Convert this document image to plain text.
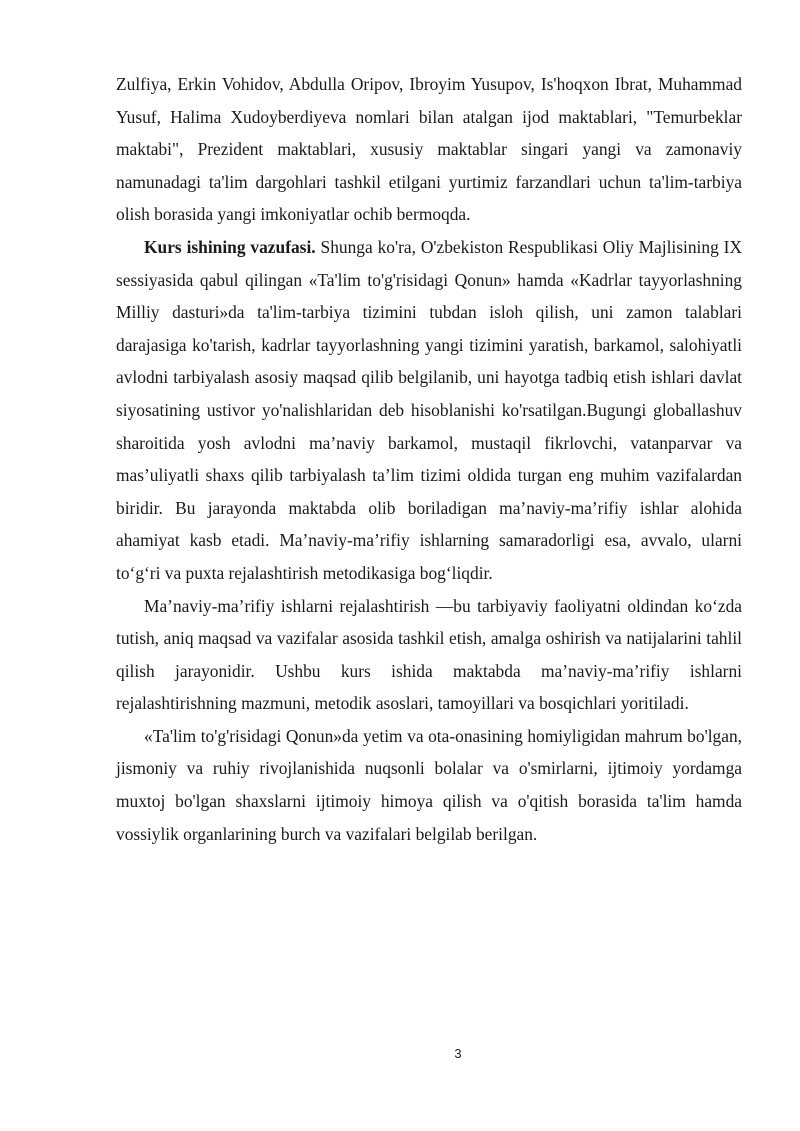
Zulfiya, Erkin Vohidov, Abdulla Oripov, Ibroyim Yusupov, Is'hoqxon Ibrat, Muhammad Yusuf, Halima Xudoyberdiyeva nomlari bilan atalgan ijod maktablari, "Temurbeklar maktabi", Prezident maktablari, xususiy maktablar singari yangi va zamonaviy namunadagi ta'lim dargohlari tashkil etilgani yurtimiz farzandlari uchun ta'lim-tarbiya olish borasida yangi imkoniyatlar ochib bermoqda.

Kurs ishining vazufasi. Shunga ko'ra, O'zbekiston Respublikasi Oliy Majlisining IX sessiyasida qabul qilingan «Ta'lim to'g'risidagi Qonun» hamda «Kadrlar tayyorlashning Milliy dasturi»da ta'lim-tarbiya tizimini tubdan isloh qilish, uni zamon talablari darajasiga ko'tarish, kadrlar tayyorlashning yangi tizimini yaratish, barkamol, salohiyatli avlodni tarbiyalash asosiy maqsad qilib belgilanib, uni hayotga tadbiq etish ishlari davlat siyosatining ustivor yo'nalishlaridan deb hisoblanishi ko'rsatilgan.Bugungi globallashuv sharoitida yosh avlodni ma’naviy barkamol, mustaqil fikrlovchi, vatanparvar va mas’uliyatli shaxs qilib tarbiyalash ta’lim tizimi oldida turgan eng muhim vazifalardan biridir. Bu jarayonda maktabda olib boriladigan ma’naviy-ma’rifiy ishlar alohida ahamiyat kasb etadi. Ma’naviy-ma’rifiy ishlarning samaradorligi esa, avvalo, ularni to‘g‘ri va puxta rejalashtirish metodikasiga bog‘liqdir.

Ma’naviy-ma’rifiy ishlarni rejalashtirish —bu tarbiyaviy faoliyatni oldindan ko‘zda tutish, aniq maqsad va vazifalar asosida tashkil etish, amalga oshirish va natijalarini tahlil qilish jarayonidir. Ushbu kurs ishida maktabda ma’naviy-ma’rifiy ishlarni rejalashtirishning mazmuni, metodik asoslari, tamoyillari va bosqichlari yoritiladi.

«Ta'lim to'g'risidagi Qonun»da yetim va ota-onasining homiyligidan mahrum bo'lgan, jismoniy va ruhiy rivojlanishida nuqsonli bolalar va o'smirlarni, ijtimoiy yordamga muxtoj bo'lgan shaxslarni ijtimoiy himoya qilish va o'qitish borasida ta'lim hamda vossiylik organlarining burch va vazifalari belgilab berilgan.

3
